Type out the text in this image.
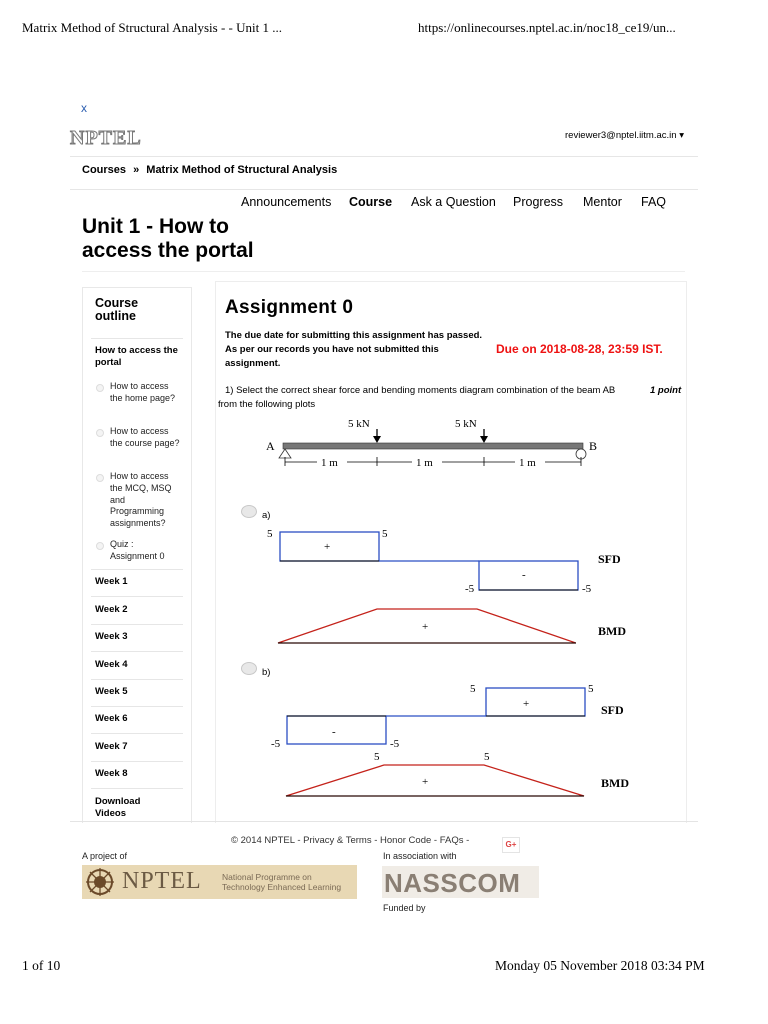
Matrix Method of Structural Analysis - - Unit 1 ...	https://onlinecourses.nptel.ac.in/noc18_ce19/un...
1 of 10	Monday 05 November 2018 03:34 PM
x
NPTEL	reviewer3@nptel.iitm.ac.in ▾
Courses » Matrix Method of Structural Analysis
Announcements Course Ask a Question Progress Mentor FAQ
Unit 1 - How to access the portal
Course outline
How to access the portal
How to access the home page?
How to access the course page?
How to access the MCQ, MSQ and Programming assignments?
Quiz : Assignment 0
Week 1
Week 2
Week 3
Week 4
Week 5
Week 6
Week 7
Week 8
Download Videos
Assignment 0
The due date for submitting this assignment has passed. As per our records you have not submitted this assignment.
Due on 2018-08-28, 23:59 IST.
1) Select the correct shear force and bending moments diagram combination of the beam AB	1 point
from the following plots
5 kN	5 kN
A	B
1 m	1 m	1 m
a)
5	5
+
-
-5	-5
SFD
+	BMD
b)
5	5
+
-
-5	-5
SFD
5	5
+	BMD
© 2014 NPTEL - Privacy & Terms - Honor Code - FAQs -	G+
A project of
NPTEL National Programme on
Technology Enhanced Learning
In association with
NASSCOM
Funded by
